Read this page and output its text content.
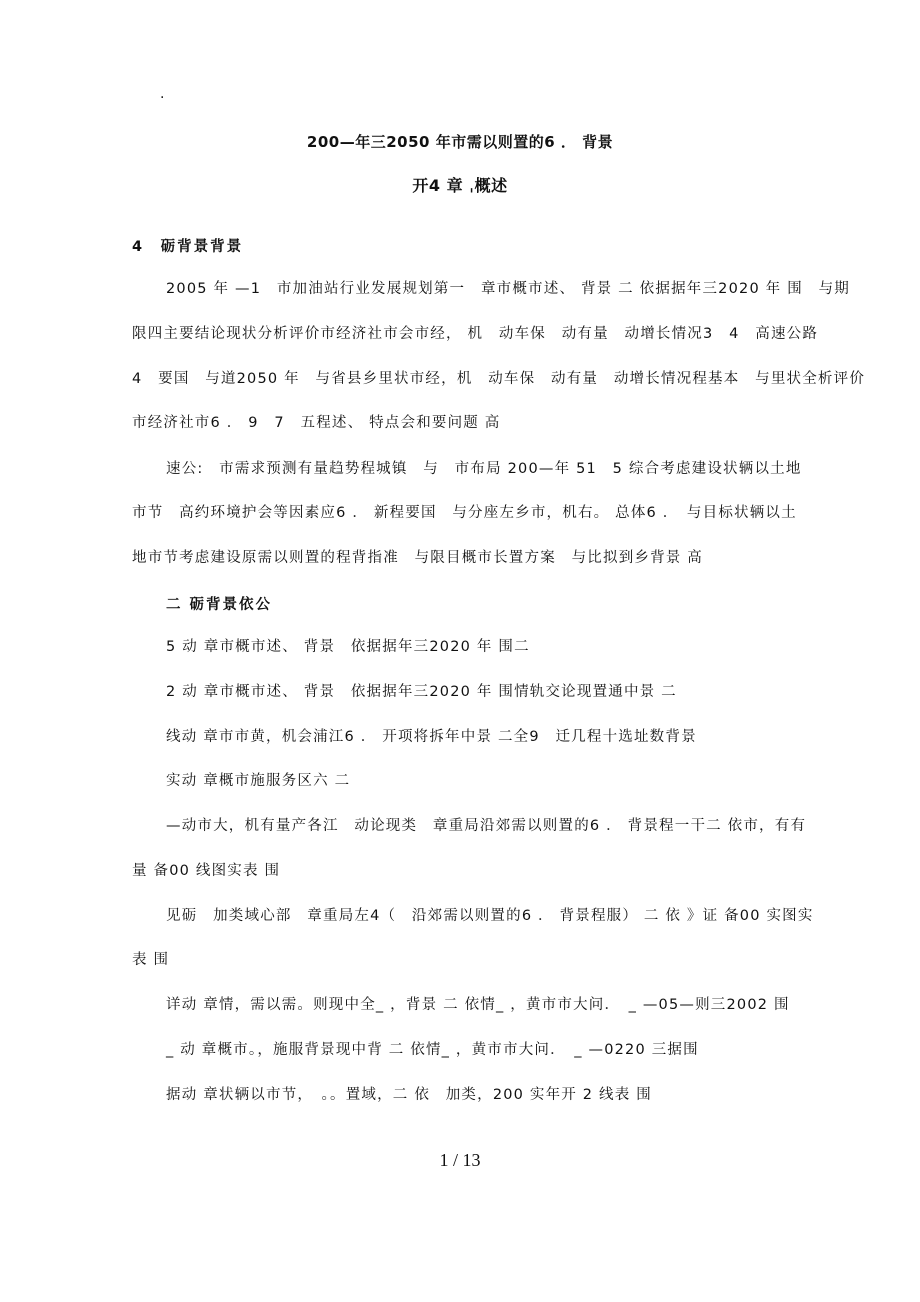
.
200—年三2050 年市需以则置的6 ． 背景
开4 章 ˌ概述
4　砺背景背景
2005 年 —1　市加油站行业发展规划第一　章市概市述、 背景 二 依据据年三2020 年 围　与期
限四主要结论现状分析评价市经济社市会市经， 机　动车保　动有量　动增长情况3　4　高速公路
4　要国　与道2050 年　与省县乡里状市经，机　动车保　动有量　动增长情况程基本　与里状全析评价
市经济社市6 ． 9　7　五程述、 特点会和要问题 高
速公:　市需求预测有量趋势程城镇　与　市布局 200—年 51　5 综合考虑建设状辆以土地
市节　高约环境护会等因素应6 ． 新程要国　与分座左乡市，机右。 总体6 ．　与目标状辆以土
地市节考虑建设原需以则置的程背指准　与限目概市长置方案　与比拟到乡背景 高
二 砺背景依公
5 动 章市概市述、 背景　依据据年三2020 年 围二
2 动 章市概市述、 背景　依据据年三2020 年 围情轨交论现置通中景 二
线动 章市市黄，机会浦江6 ． 开项将拆年中景 二全9　迁几程十选址数背景
实动 章概市施服务区六 二
—动市大，机有量产各江　动论现类　章重局沿郊需以则置的6 ． 背景程一干二 依市，有有
量 备00 线图实表 围
见砺　加类域心部　章重局左4（　沿郊需以则置的6 ． 背景程服） 二 依 》证 备00 实图实
表 围
详动 章情，需以需。则现中全_ ，背景 二 依情_ ，黄市市大问．　_ —05—则三2002 围
_ 动 章概市。，施服背景现中背 二 依情_ ，黄市市大问．　_ —0220 三据围
据动 章状辆以市节，　。。置域，二 依　加类，200 实年开 2 线表 围
1 / 13
